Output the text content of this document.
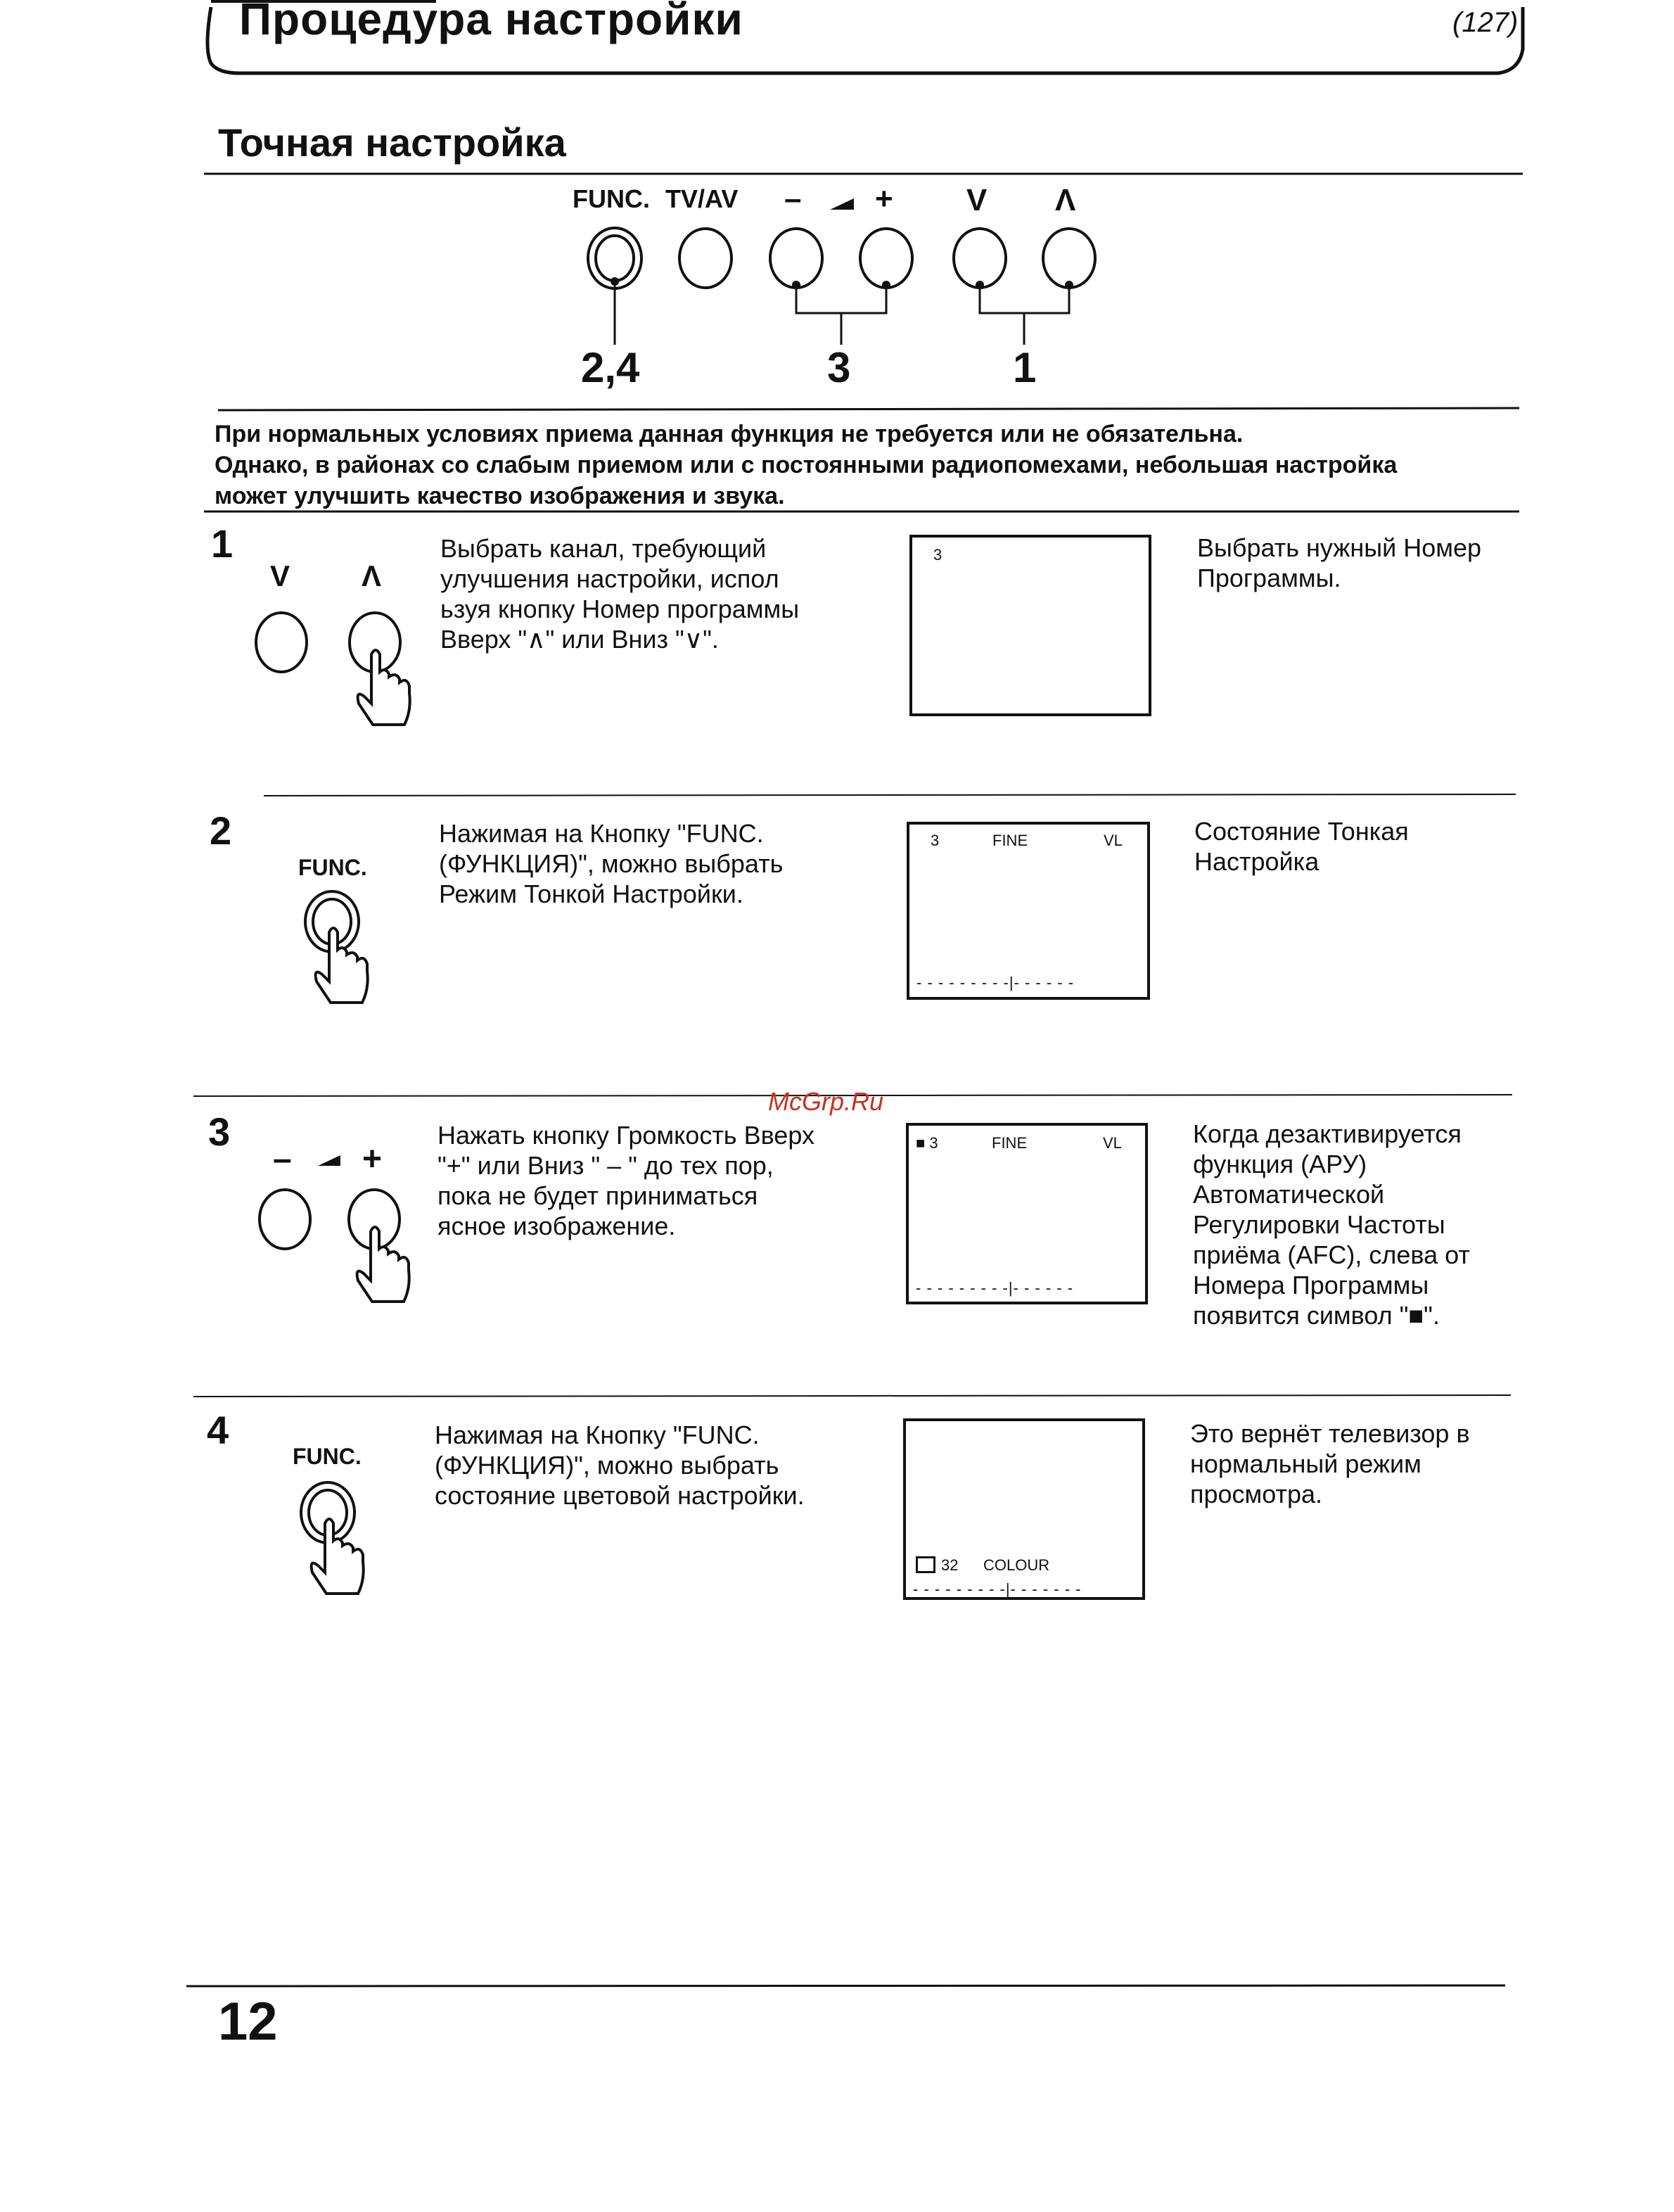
Процедура настройки	(127)
Точная настройка
FUNC. TV/AV – + V Λ
2,4	3	1
При нормальных условиях приема данная функция не требуется или не обязательна.
Однако, в районах со слабым приемом или с постоянными радиопомехами, небольшая настройка
может улучшить качество изображения и звука.
1
V Λ
Выбрать канал, требующий
улучшения настройки, испол
ьзуя кнопку Номер программы
Вверх "∧" или Вниз "∨".
3	Выбрать нужный Номер
Программы.
2
FUNC.
Нажимая на Кнопку "FUNC.
(ФУНКЦИЯ)", можно выбрать
Режим Тонкой Настройки.
3	FINE	VL
- - - - - - - - -|- - - - - -
Состояние Тонкая
Настройка
3
– +
Нажать кнопку Громкость Вверх
"+" или Вниз " – " до тех пор,
пока не будет приниматься
ясное изображение.
■ 3	FINE	VL
- - - - - - - - -|- - - - - -
Когда дезактивируется
функция (АРУ)
Автоматической
Регулировки Частоты
приёма (AFC), слева от
Номера Программы
появится символ "■".
4
FUNC.
Нажимая на Кнопку "FUNC.
(ФУНКЦИЯ)", можно выбрать
состояние цветовой настройки.
32 COLOUR
- - - - - - - - -|- - - - - - -
Это вернёт телевизор в
нормальный режим
просмотра.
McGrp.Ru
12
